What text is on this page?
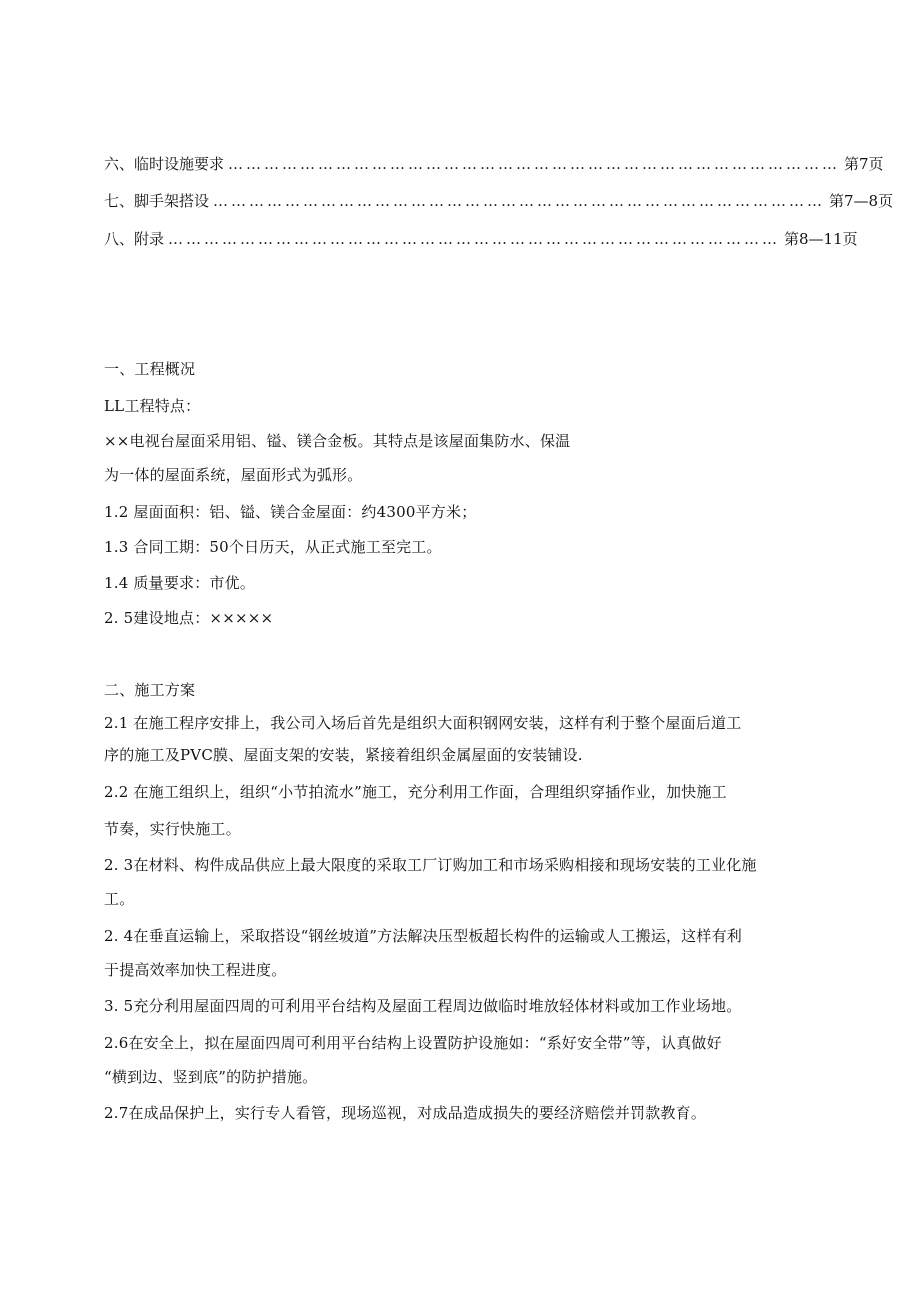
六、临时设施要求 ………………………………………………………………………………………… 第7页
七、脚手架搭设 ………………………………………………………………………………………… 第7—8页
八、附录 ………………………………………………………………………………………… 第8—11页
一、工程概况
LL工程特点：
××电视台屋面采用铝、镒、镁合金板。其特点是该屋面集防水、保温
为一体的屋面系统，屋面形式为弧形。
1.2 屋面面积：铝、镒、镁合金屋面：约4300平方米；
1.3 合同工期：50个日历天，从正式施工至完工。
1.4 质量要求：市优。
2. 5建设地点：×××××
二、施工方案
2.1 在施工程序安排上，我公司入场后首先是组织大面积钢网安装，这样有利于整个屋面后道工
序的施工及PVC膜、屋面支架的安装，紧接着组织金属屋面的安装铺设.
2.2 在施工组织上，组织“小节拍流水”施工，充分利用工作面，合理组织穿插作业，加快施工
节奏，实行快施工。
2. 3在材料、构件成品供应上最大限度的采取工厂订购加工和市场采购相接和现场安装的工业化施
工。
2. 4在垂直运输上，采取搭设“钢丝坡道”方法解决压型板超长构件的运输或人工搬运，这样有利
于提高效率加快工程进度。
3. 5充分利用屋面四周的可利用平台结构及屋面工程周边做临时堆放轻体材料或加工作业场地。
2.6在安全上，拟在屋面四周可利用平台结构上设置防护设施如：“系好安全带”等，认真做好
“横到边、竖到底”的防护措施。
2.7在成品保护上，实行专人看管，现场巡视，对成品造成损失的要经济赔偿并罚款教育。
